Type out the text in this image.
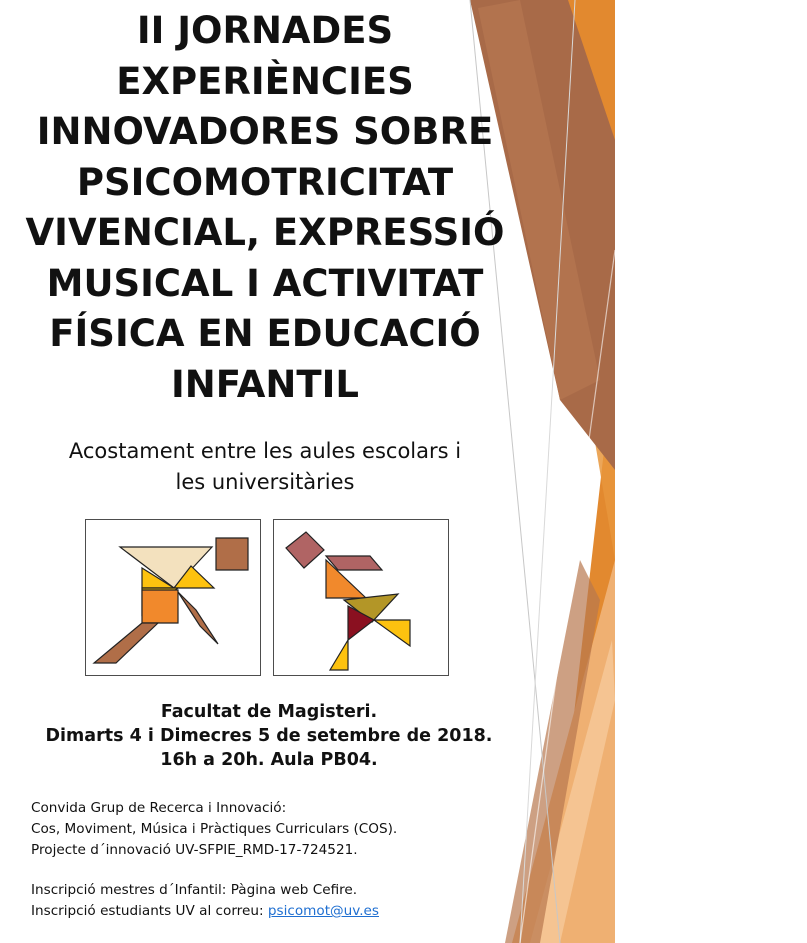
II JORNADES
EXPERIÈNCIES
INNOVADORES SOBRE
PSICOMOTRICITAT
VIVENCIAL, EXPRESSIÓ
MUSICAL I ACTIVITAT
FÍSICA EN EDUCACIÓ
INFANTIL
Acostament entre les aules escolars i
les universitàries
Facultat de Magisteri.
Dimarts 4 i Dimecres 5 de setembre de 2018.
16h a 20h. Aula PB04.
Convida Grup de Recerca i Innovació:
Cos, Moviment, Música i Pràctiques Curriculars (COS).
Projecte d´innovació UV-SFPIE_RMD-17-724521.
Inscripció mestres d´Infantil: Pàgina web Cefire.
Inscripció estudiants UV al correu: psicomot@uv.es
